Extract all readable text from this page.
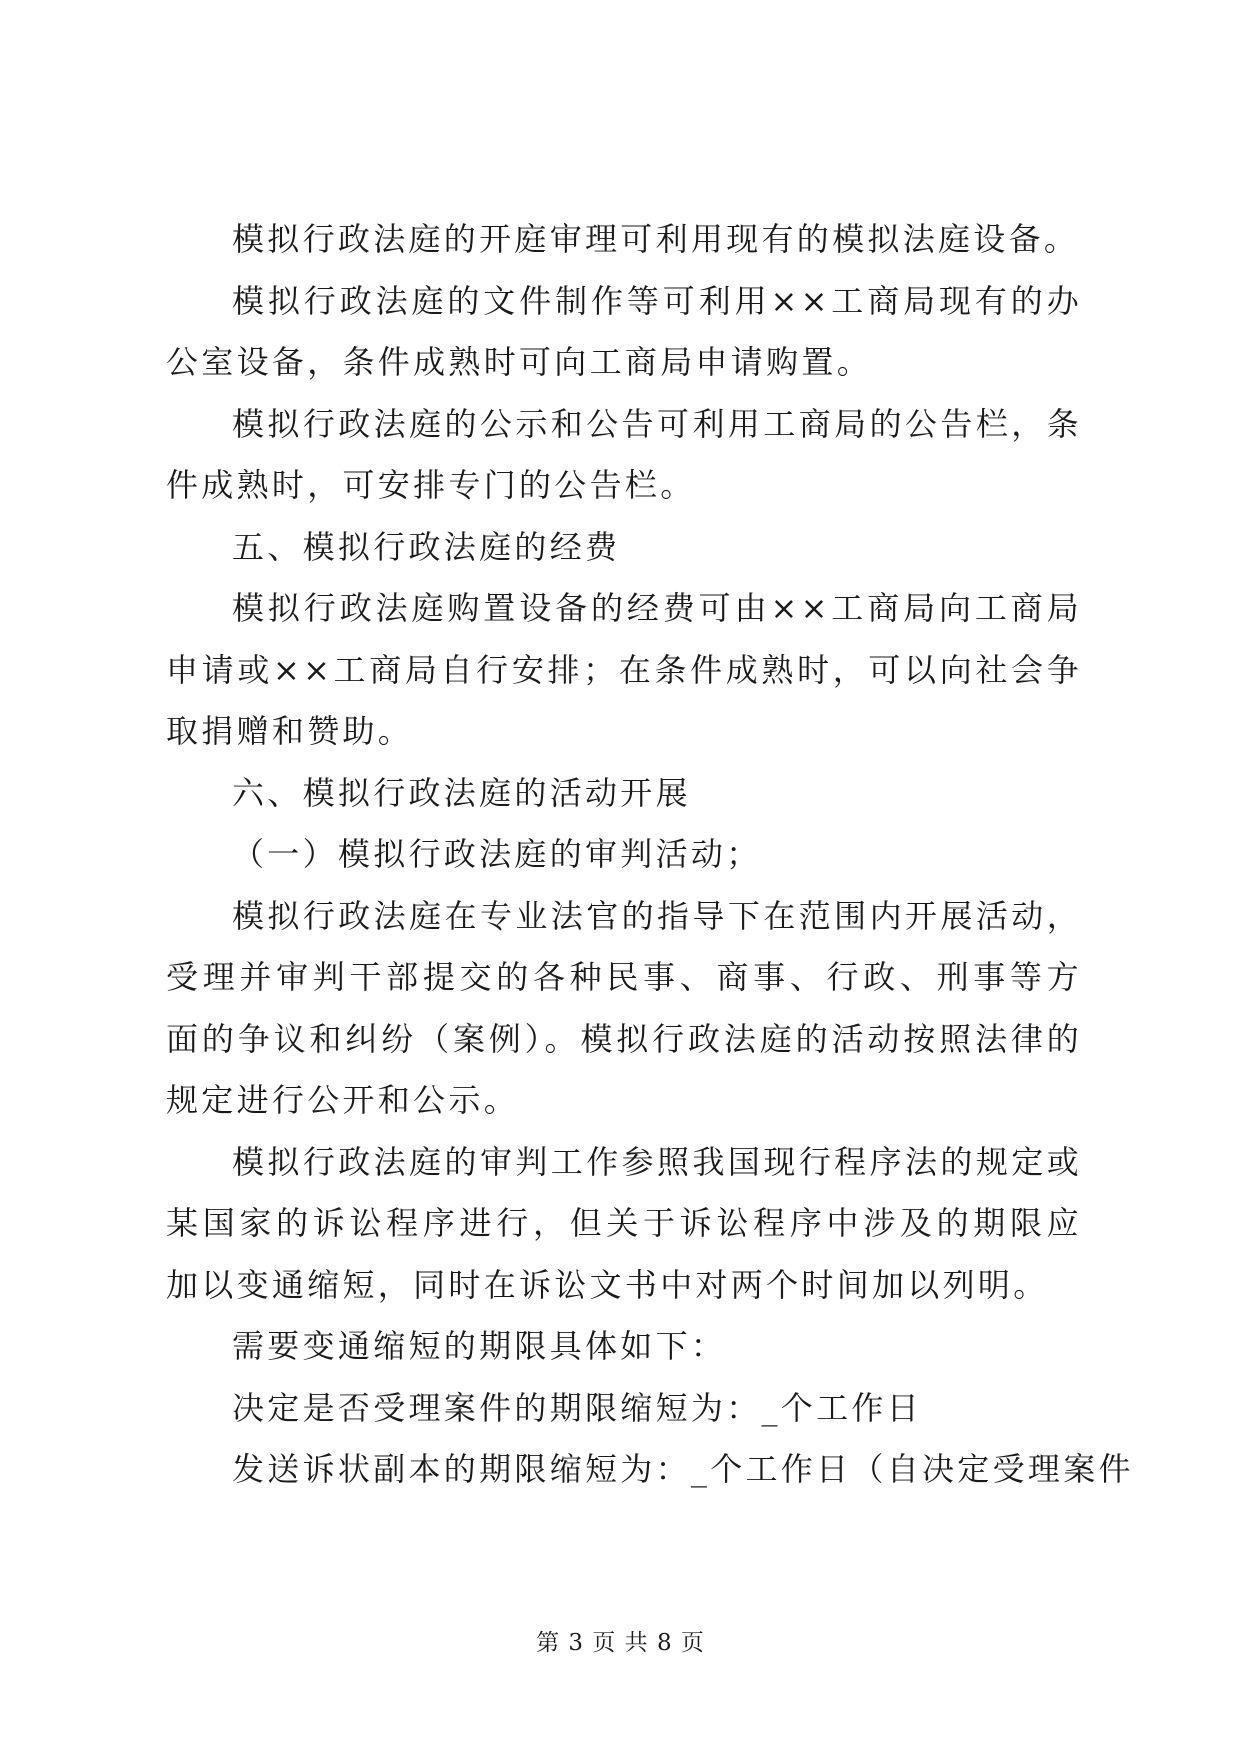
模拟行政法庭的开庭审理可利用现有的模拟法庭设备。

模拟行政法庭的文件制作等可利用××工商局现有的办公室设备，条件成熟时可向工商局申请购置。

模拟行政法庭的公示和公告可利用工商局的公告栏，条件成熟时，可安排专门的公告栏。

五、模拟行政法庭的经费

模拟行政法庭购置设备的经费可由××工商局向工商局申请或××工商局自行安排；在条件成熟时，可以向社会争取捐赠和赞助。

六、模拟行政法庭的活动开展

（一）模拟行政法庭的审判活动；

模拟行政法庭在专业法官的指导下在范围内开展活动，受理并审判干部提交的各种民事、商事、行政、刑事等方面的争议和纠纷（案例）。模拟行政法庭的活动按照法律的规定进行公开和公示。

模拟行政法庭的审判工作参照我国现行程序法的规定或某国家的诉讼程序进行，但关于诉讼程序中涉及的期限应加以变通缩短，同时在诉讼文书中对两个时间加以列明。

需要变通缩短的期限具体如下：

决定是否受理案件的期限缩短为：_个工作日

发送诉状副本的期限缩短为：_个工作日（自决定受理案件

第 3 页 共 8 页
